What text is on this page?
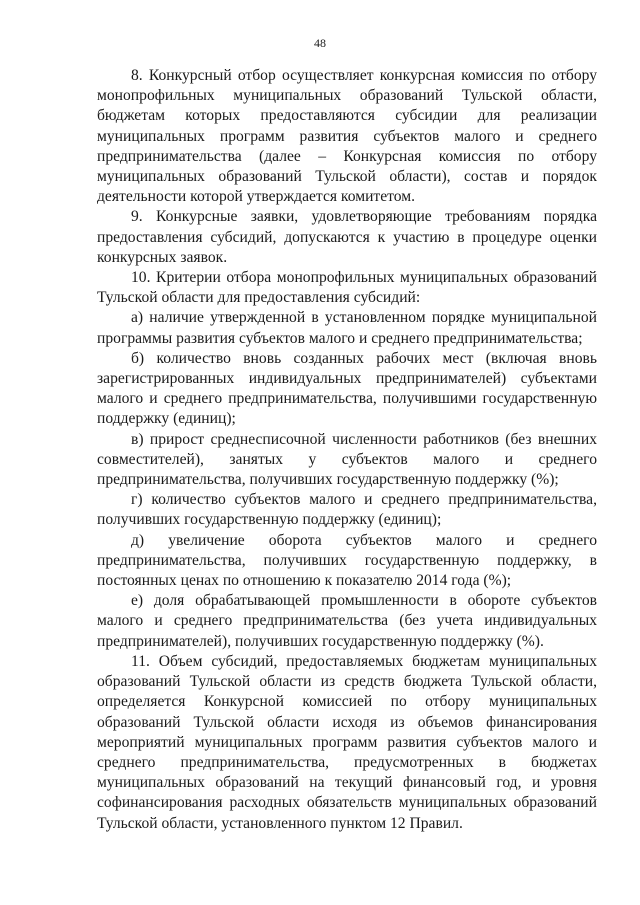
48

8. Конкурсный отбор осуществляет конкурсная комиссия по отбору монопрофильных муниципальных образований Тульской области, бюджетам которых предоставляются субсидии для реализации муниципальных программ развития субъектов малого и среднего предпринимательства (далее – Конкурсная комиссия по отбору муниципальных образований Тульской области), состав и порядок деятельности которой утверждается комитетом.

9. Конкурсные заявки, удовлетворяющие требованиям порядка предоставления субсидий, допускаются к участию в процедуре оценки конкурсных заявок.

10. Критерии отбора монопрофильных муниципальных образований Тульской области для предоставления субсидий:

а) наличие утвержденной в установленном порядке муниципальной программы развития субъектов малого и среднего предпринимательства;

б) количество вновь созданных рабочих мест (включая вновь зарегистрированных индивидуальных предпринимателей) субъектами малого и среднего предпринимательства, получившими государственную поддержку (единиц);

в) прирост среднесписочной численности работников (без внешних совместителей), занятых у субъектов малого и среднего предпринимательства, получивших государственную поддержку (%);

г) количество субъектов малого и среднего предпринимательства, получивших государственную поддержку (единиц);

д) увеличение оборота субъектов малого и среднего предпринимательства, получивших государственную поддержку, в постоянных ценах по отношению к показателю 2014 года (%);

е) доля обрабатывающей промышленности в обороте субъектов малого и среднего предпринимательства (без учета индивидуальных предпринимателей), получивших государственную поддержку (%).

11. Объем субсидий, предоставляемых бюджетам муниципальных образований Тульской области из средств бюджета Тульской области, определяется Конкурсной комиссией по отбору муниципальных образований Тульской области исходя из объемов финансирования мероприятий муниципальных программ развития субъектов малого и среднего предпринимательства, предусмотренных в бюджетах муниципальных образований на текущий финансовый год, и уровня софинансирования расходных обязательств муниципальных образований Тульской области, установленного пунктом 12 Правил.
